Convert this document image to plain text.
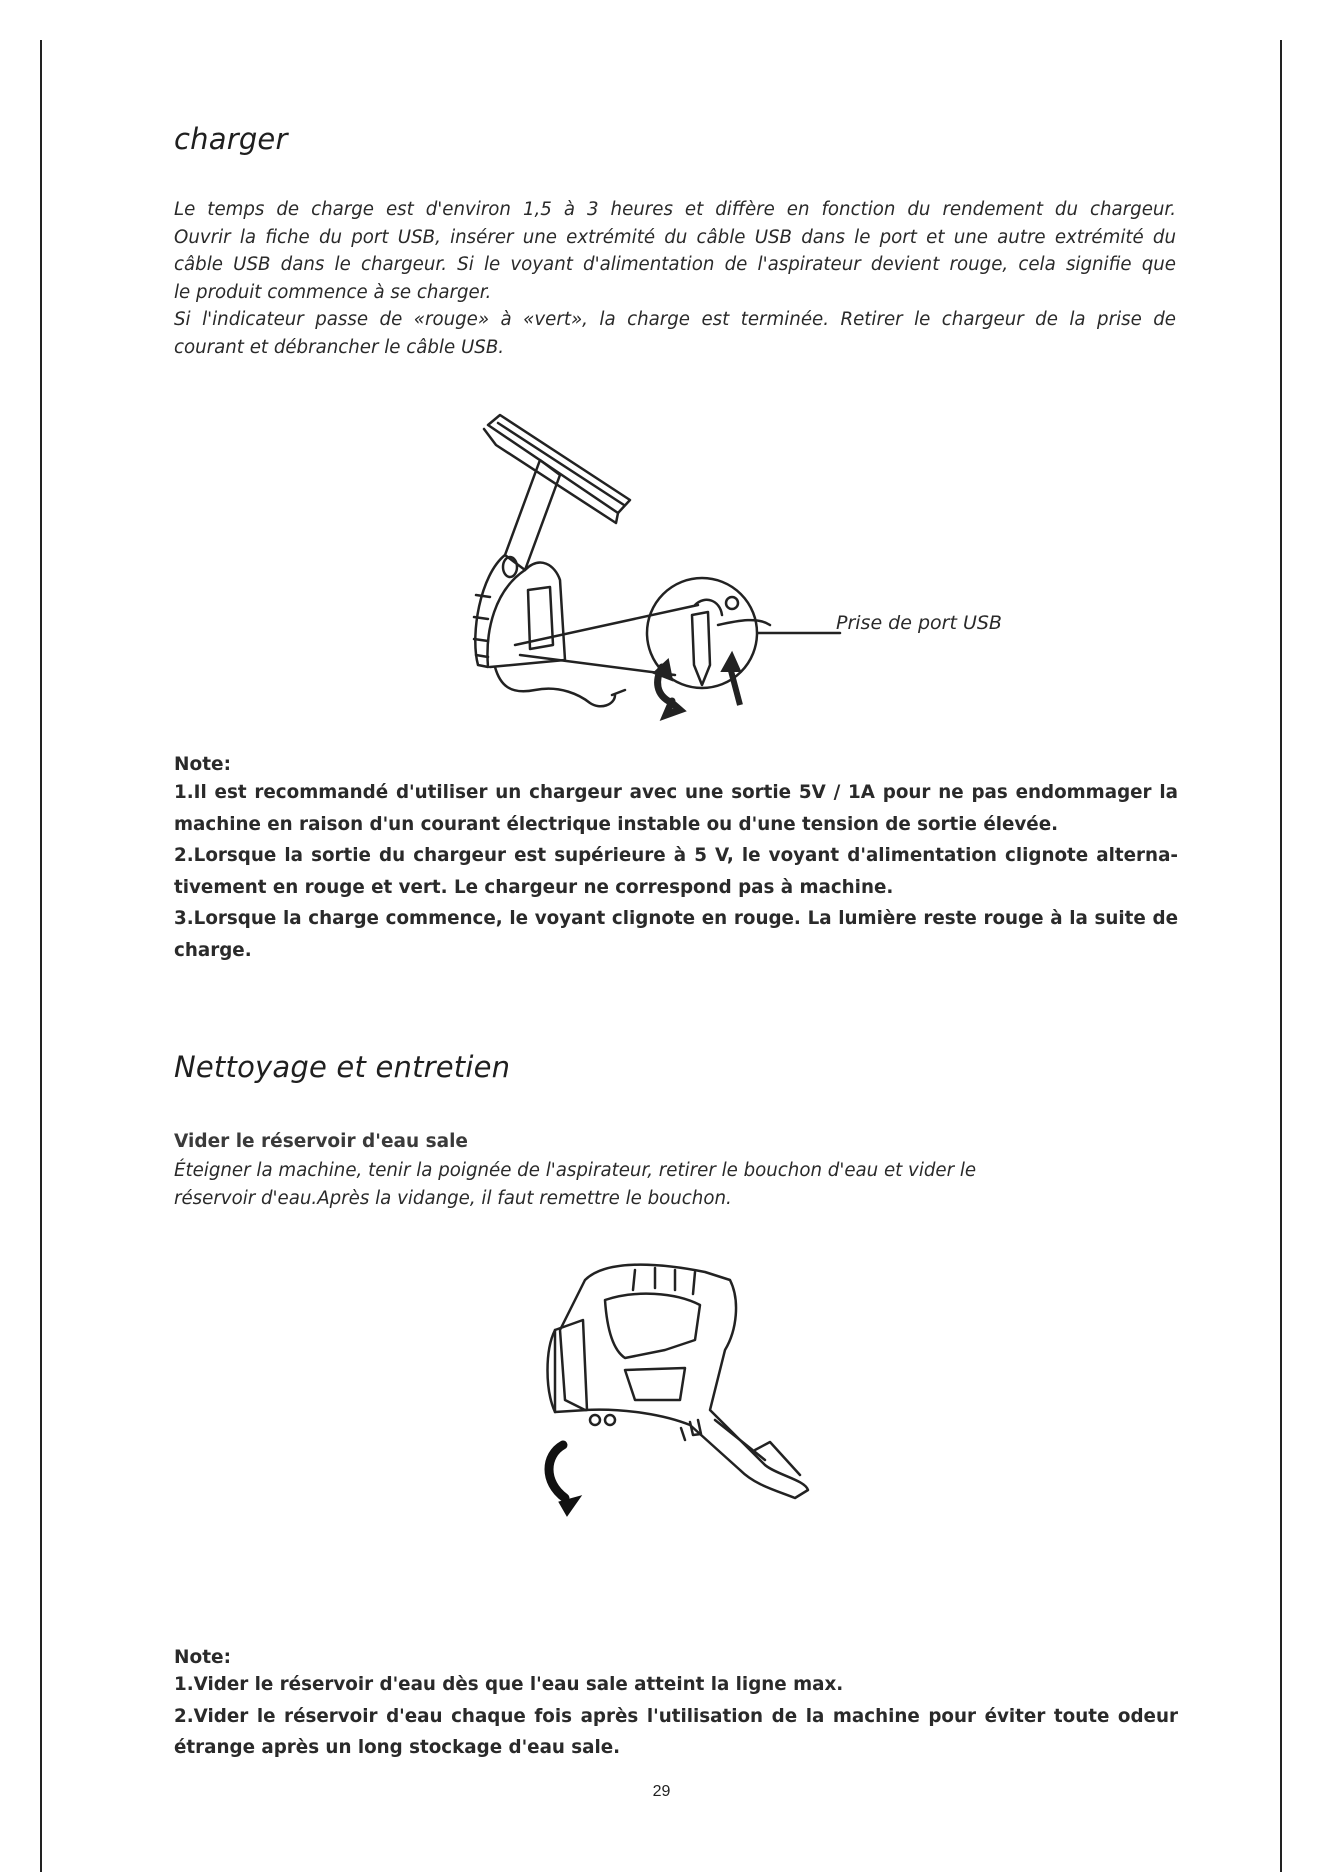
charger
Le temps de charge est d'environ 1,5 à 3 heures et diffère en fonction du rendement du chargeur.
Ouvrir la fiche du port USB, insérer une extrémité du câble USB dans le port et une autre extrémité du
câble USB dans le chargeur. Si le voyant d'alimentation de l'aspirateur devient rouge, cela signifie que
le produit commence à se charger.
Si l'indicateur passe de «rouge» à «vert», la charge est terminée. Retirer le chargeur de la prise de
courant et débrancher le câble USB.
Prise de port USB
Note:
1.Il est recommandé d'utiliser un chargeur avec une sortie 5V / 1A pour ne pas endommager la
machine en raison d'un courant électrique instable ou d'une tension de sortie élevée.
2.Lorsque la sortie du chargeur est supérieure à 5 V, le voyant d'alimentation clignote alterna-
tivement en rouge et vert. Le chargeur ne correspond pas à machine.
3.Lorsque la charge commence, le voyant clignote en rouge. La lumière reste rouge à la suite de
charge.
Nettoyage et entretien
Vider le réservoir d'eau sale
Éteigner la machine, tenir la poignée de l'aspirateur, retirer le bouchon d'eau et vider le
réservoir d'eau.Après la vidange, il faut remettre le bouchon.
Note:
1.Vider le réservoir d'eau dès que l'eau sale atteint la ligne max.
2.Vider le réservoir d'eau chaque fois après l'utilisation de la machine pour éviter toute odeur
étrange après un long stockage d'eau sale.
29
